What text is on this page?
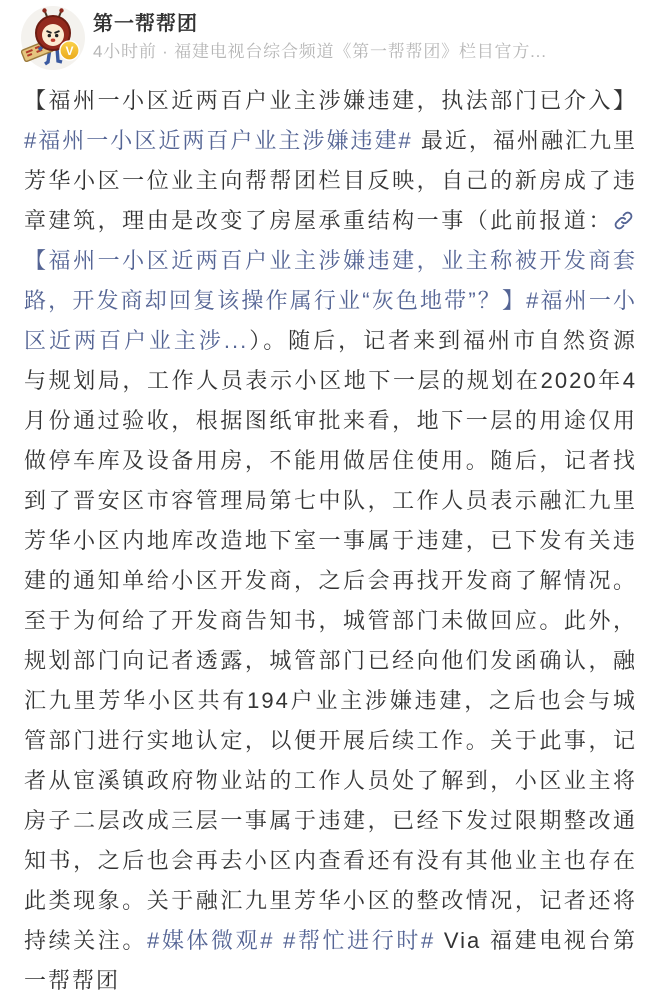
V
第一帮帮团
4小时前 · 福建电视台综合频道《第一帮帮团》栏目官方...

【福州一小区近两百户业主涉嫌违建，执法部门已介入】#福州一小区近两百户业主涉嫌违建# 最近，福州融汇九里芳华小区一位业主向帮帮团栏目反映，自己的新房成了违章建筑，理由是改变了房屋承重结构一事（此前报道：【福州一小区近两百户业主涉嫌违建，业主称被开发商套路，开发商却回复该操作属行业“灰色地带”？】#福州一小区近两百户业主涉...）。随后，记者来到福州市自然资源与规划局，工作人员表示小区地下一层的规划在2020年4月份通过验收，根据图纸审批来看，地下一层的用途仅用做停车库及设备用房，不能用做居住使用。随后，记者找到了晋安区市容管理局第七中队，工作人员表示融汇九里芳华小区内地库改造地下室一事属于违建，已下发有关违建的通知单给小区开发商，之后会再找开发商了解情况。至于为何给了开发商告知书，城管部门未做回应。此外，规划部门向记者透露，城管部门已经向他们发函确认，融汇九里芳华小区共有194户业主涉嫌违建，之后也会与城管部门进行实地认定，以便开展后续工作。关于此事，记者从宦溪镇政府物业站的工作人员处了解到，小区业主将房子二层改成三层一事属于违建，已经下发过限期整改通知书，之后也会再去小区内查看还有没有其他业主也存在此类现象。关于融汇九里芳华小区的整改情况，记者还将持续关注。#媒体微观# #帮忙进行时# Via 福建电视台第一帮帮团
